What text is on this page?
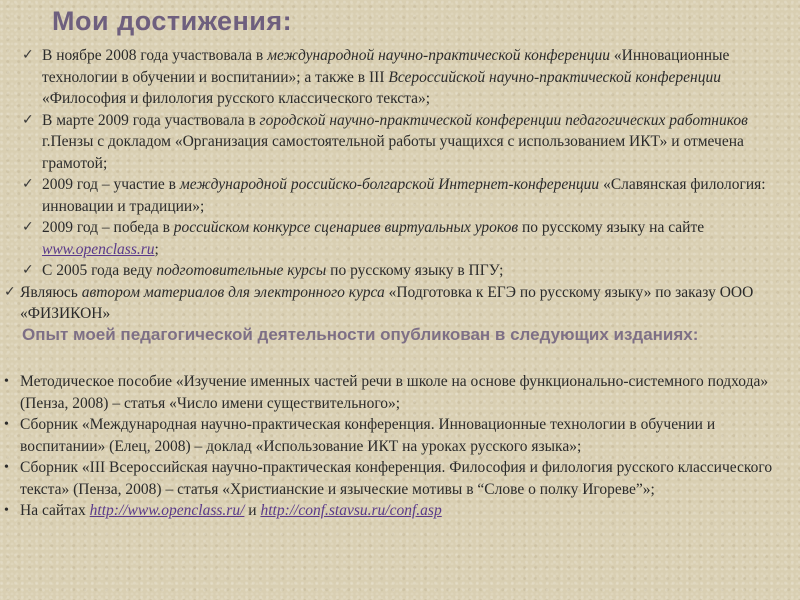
Мои достижения:
✓ В ноябре 2008 года участвовала в международной научно-практической конференции «Инновационные технологии в обучении и воспитании»; а также в III Всероссийской научно-практической конференции «Философия и филология русского классического текста»;
✓ В марте 2009 года участвовала в городской научно-практической конференции педагогических работников г.Пензы с докладом «Организация самостоятельной работы учащихся с использованием ИКТ» и отмечена грамотой;
✓ 2009 год – участие в международной российско-болгарской Интернет-конференции «Славянская филология: инновации и традиции»;
✓ 2009 год – победа в российском конкурсе сценариев виртуальных уроков по русскому языку на сайте www.openclass.ru;
✓ С 2005 года веду подготовительные курсы по русскому языку в ПГУ;
✓ Являюсь автором материалов для электронного курса «Подготовка к ЕГЭ по русскому языку» по заказу ООО «ФИЗИКОН»
Опыт моей педагогической деятельности опубликован в следующих изданиях:
• Методическое пособие «Изучение именных частей речи в школе на основе функционально-системного подхода» (Пенза, 2008) – статья «Число имени существительного»;
• Сборник «Международная научно-практическая конференция. Инновационные технологии в обучении и воспитании» (Елец, 2008) – доклад «Использование ИКТ на уроках русского языка»;
• Сборник «III Всероссийская научно-практическая конференция. Философия и филология русского классического текста» (Пенза, 2008) – статья «Христианские и языческие мотивы в “Слове о полку Игореве”»;
• На сайтах http://www.openclass.ru/ и http://conf.stavsu.ru/conf.asp
